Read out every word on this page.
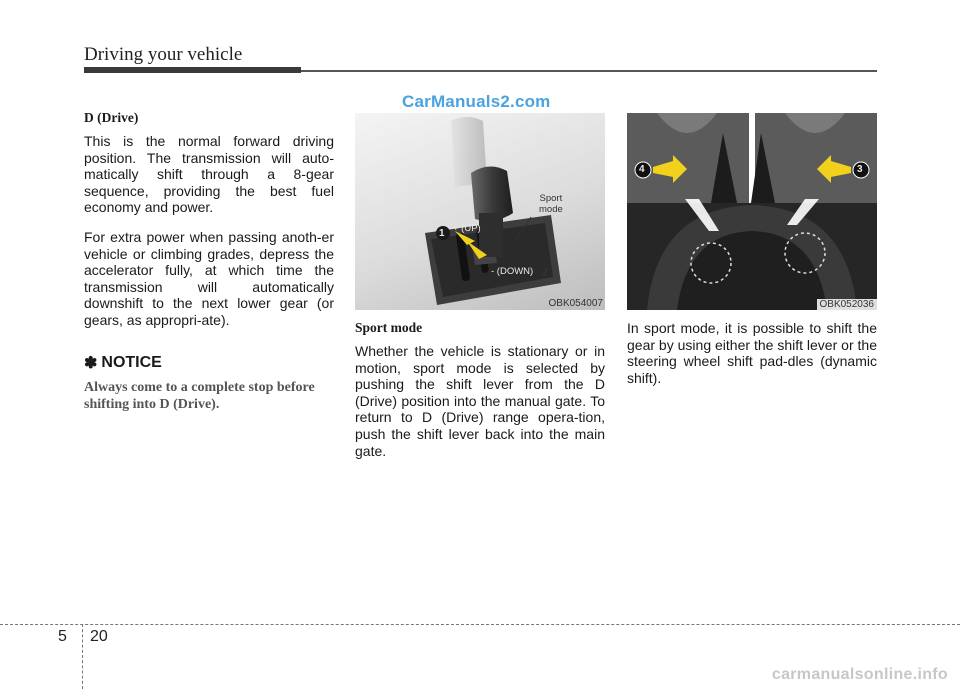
Driving your vehicle
CarManuals2.com
D (Drive)

This is the normal forward driving position. The transmission will auto-matically shift through a 8-gear sequence, providing the best fuel economy and power.

For extra power when passing anoth-er vehicle or climbing grades, depress the accelerator fully, at which time the transmission will automatically downshift to the next lower gear (or gears, as appropri-ate).

✽ NOTICE

Always come to a complete stop before shifting into D (Drive).

Sport
mode
+ (UP)
- (DOWN)
1
2
OBK054007
Sport mode

Whether the vehicle is stationary or in motion, sport mode is selected by pushing the shift lever from the D (Drive) position into the manual gate. To return to D (Drive) range opera-tion, push the shift lever back into the main gate.

4	3
OBK052036

In sport mode, it is possible to shift the gear by using either the shift lever or the steering wheel shift pad-dles (dynamic shift).

5 20
carmanualsonline.info
